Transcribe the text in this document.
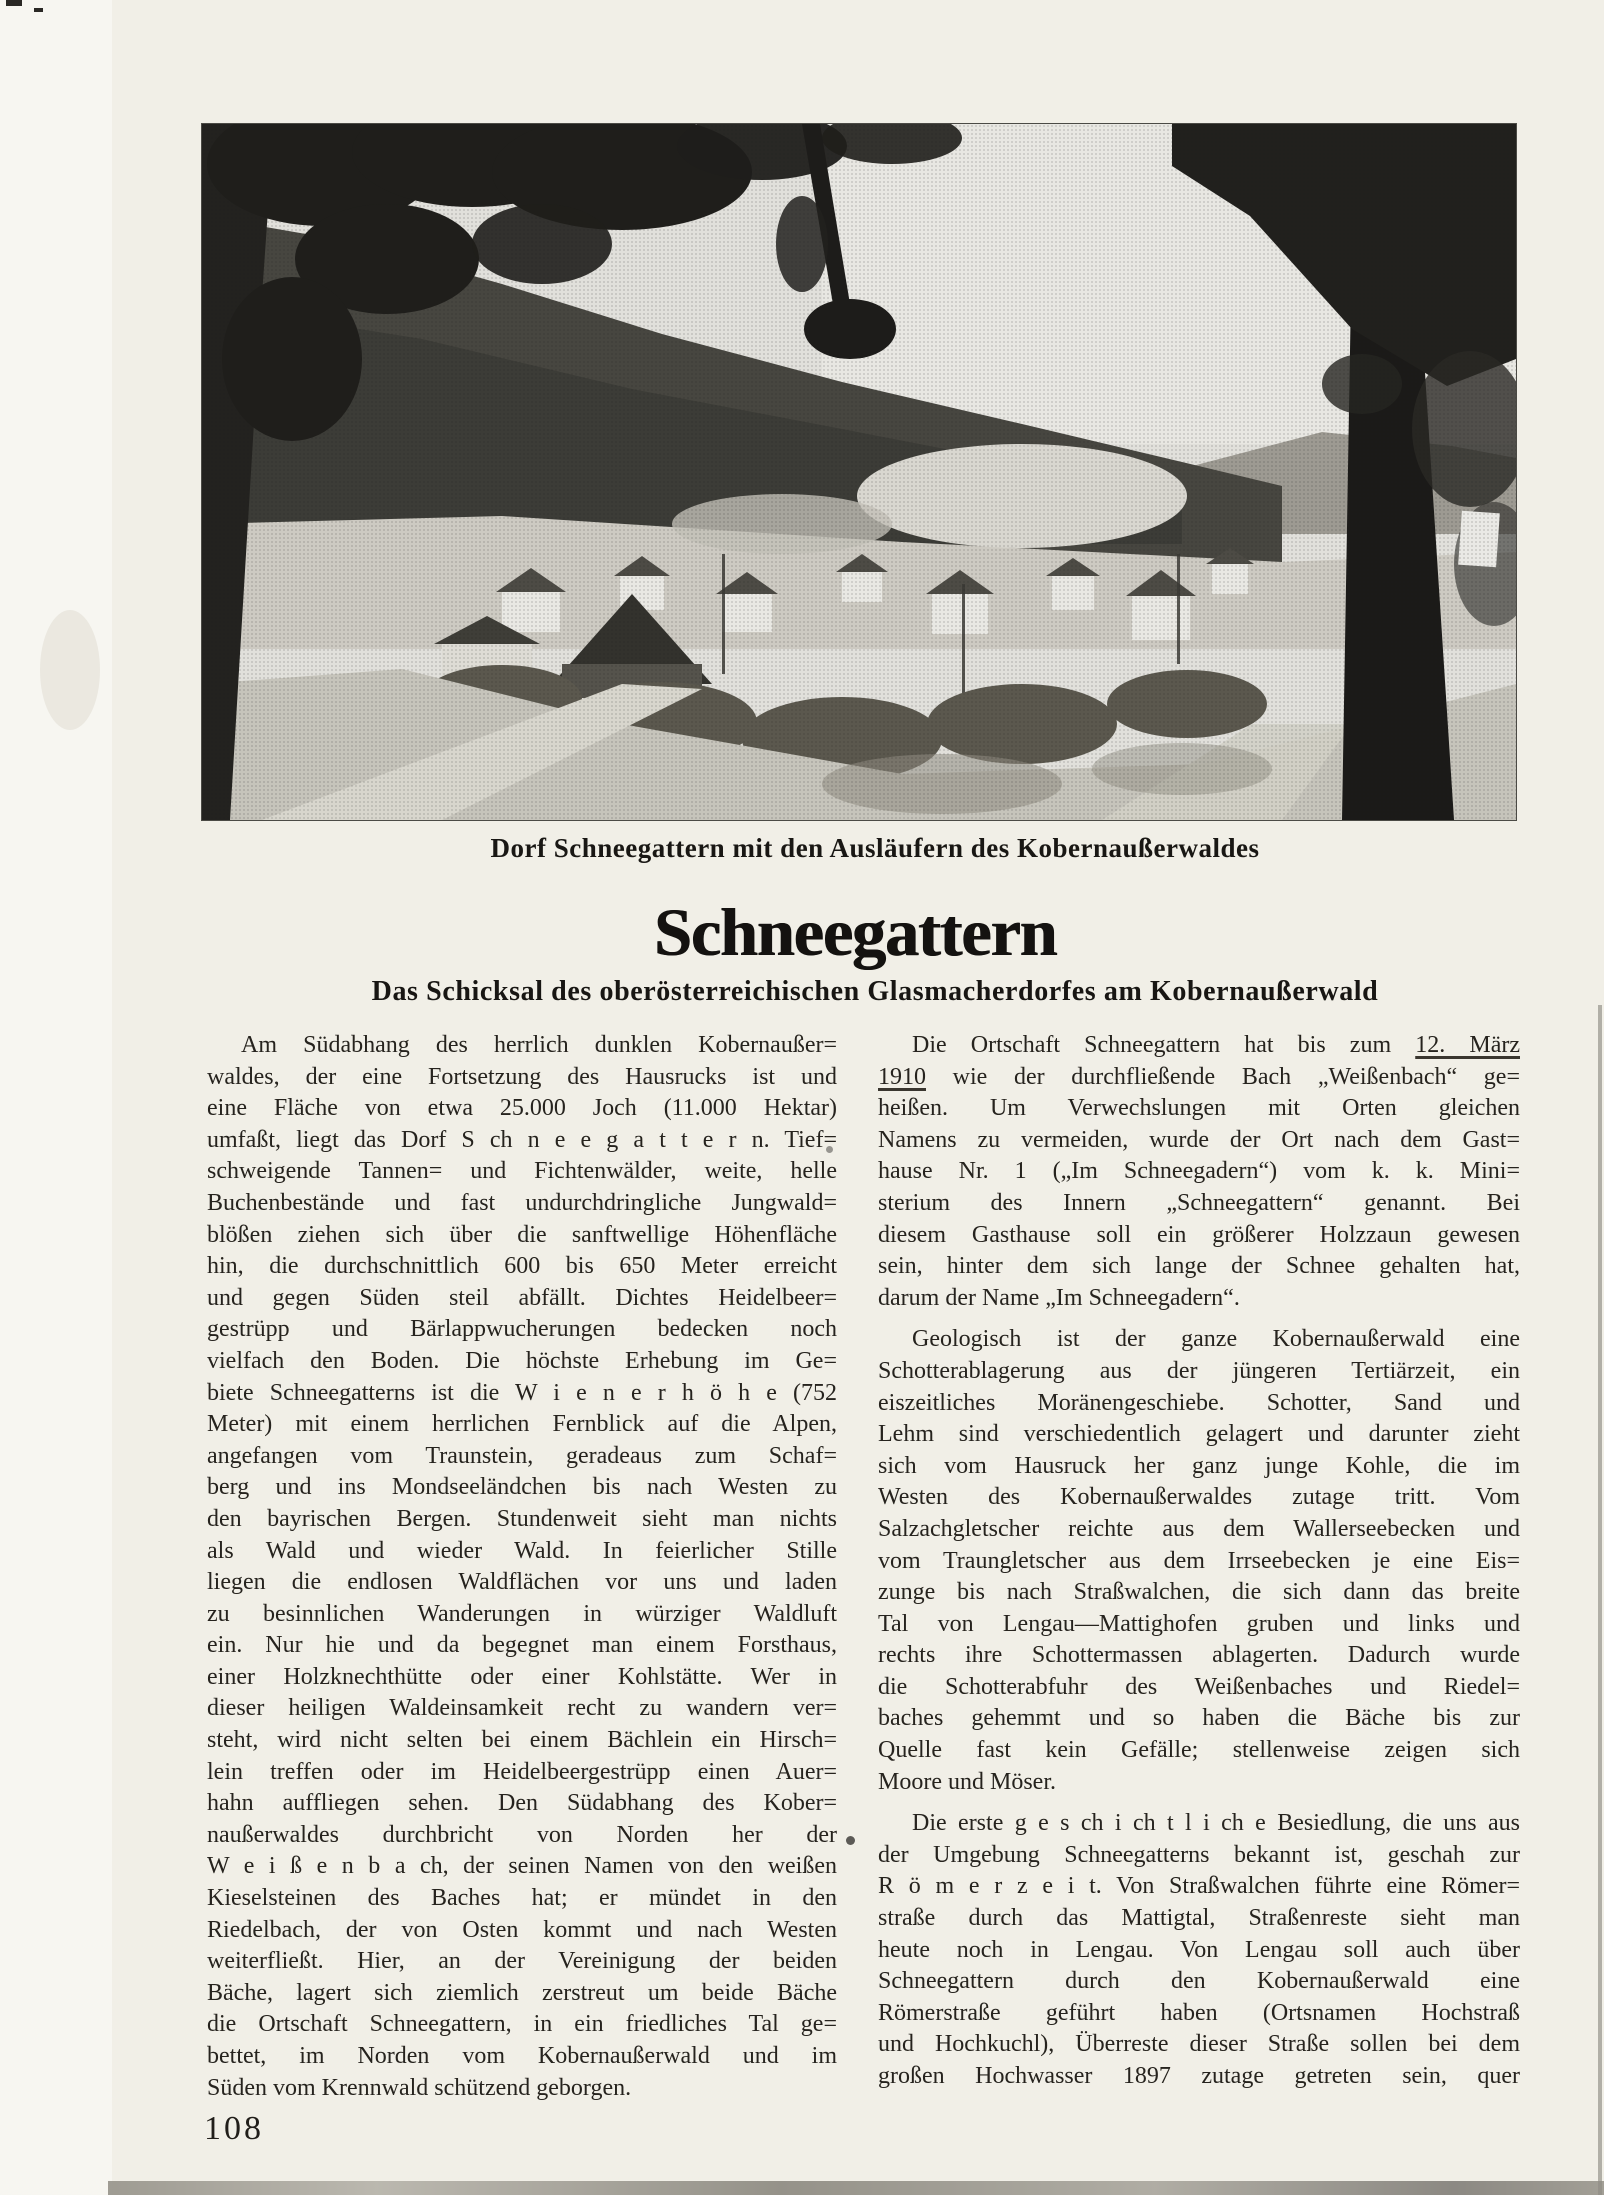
Dorf Schneegattern mit den Ausläufern des Kobernaußerwaldes
Schneegattern
Das Schicksal des oberösterreichischen Glasmacherdorfes am Kobernaußerwald
Am Südabhang des herrlich dunklen Kobernaußer=
waldes, der eine Fortsetzung des Hausrucks ist und
eine Fläche von etwa 25.000 Joch (11.000 Hektar)
umfaßt, liegt das Dorf S ch n e e g a t t e r n. Tief=
schweigende Tannen= und Fichtenwälder, weite, helle
Buchenbestände und fast undurchdringliche Jungwald=
blößen ziehen sich über die sanftwellige Höhenfläche
hin, die durchschnittlich 600 bis 650 Meter erreicht
und gegen Süden steil abfällt. Dichtes Heidelbeer=
gestrüpp und Bärlappwucherungen bedecken noch
vielfach den Boden. Die höchste Erhebung im Ge=
biete Schneegatterns ist die W i e n e r h ö h e (752
Meter) mit einem herrlichen Fernblick auf die Alpen,
angefangen vom Traunstein, geradeaus zum Schaf=
berg und ins Mondseeländchen bis nach Westen zu
den bayrischen Bergen. Stundenweit sieht man nichts
als Wald und wieder Wald. In feierlicher Stille
liegen die endlosen Waldflächen vor uns und laden
zu besinnlichen Wanderungen in würziger Waldluft
ein. Nur hie und da begegnet man einem Forsthaus,
einer Holzknechthütte oder einer Kohlstätte. Wer in
dieser heiligen Waldeinsamkeit recht zu wandern ver=
steht, wird nicht selten bei einem Bächlein ein Hirsch=
lein treffen oder im Heidelbeergestrüpp einen Auer=
hahn auffliegen sehen. Den Südabhang des Kober=
naußerwaldes durchbricht von Norden her der
W e i ß e n b a ch, der seinen Namen von den weißen
Kieselsteinen des Baches hat; er mündet in den
Riedelbach, der von Osten kommt und nach Westen
weiterfließt. Hier, an der Vereinigung der beiden
Bäche, lagert sich ziemlich zerstreut um beide Bäche
die Ortschaft Schneegattern, in ein friedliches Tal ge=
bettet, im Norden vom Kobernaußerwald und im
Süden vom Krennwald schützend geborgen.
Die Ortschaft Schneegattern hat bis zum 12. März
1910 wie der durchfließende Bach „Weißenbach“ ge=
heißen. Um Verwechslungen mit Orten gleichen
Namens zu vermeiden, wurde der Ort nach dem Gast=
hause Nr. 1 („Im Schneegadern“) vom k. k. Mini=
sterium des Innern „Schneegattern“ genannt. Bei
diesem Gasthause soll ein größerer Holzzaun gewesen
sein, hinter dem sich lange der Schnee gehalten hat,
darum der Name „Im Schneegadern“.
Geologisch ist der ganze Kobernaußerwald eine
Schotterablagerung aus der jüngeren Tertiärzeit, ein
eiszeitliches Moränengeschiebe. Schotter, Sand und
Lehm sind verschiedentlich gelagert und darunter zieht
sich vom Hausruck her ganz junge Kohle, die im
Westen des Kobernaußerwaldes zutage tritt. Vom
Salzachgletscher reichte aus dem Wallerseebecken und
vom Traungletscher aus dem Irrseebecken je eine Eis=
zunge bis nach Straßwalchen, die sich dann das breite
Tal von Lengau—Mattighofen gruben und links und
rechts ihre Schottermassen ablagerten. Dadurch wurde
die Schotterabfuhr des Weißenbaches und Riedel=
baches gehemmt und so haben die Bäche bis zur
Quelle fast kein Gefälle; stellenweise zeigen sich
Moore und Möser.
Die erste g e s ch i ch t l i ch e Besiedlung, die uns aus
der Umgebung Schneegatterns bekannt ist, geschah zur
R ö m e r z e i t. Von Straßwalchen führte eine Römer=
straße durch das Mattigtal, Straßenreste sieht man
heute noch in Lengau. Von Lengau soll auch über
Schneegattern durch den Kobernaußerwald eine
Römerstraße geführt haben (Ortsnamen Hochstraß
und Hochkuchl), Überreste dieser Straße sollen bei dem
großen Hochwasser 1897 zutage getreten sein, quer
108
